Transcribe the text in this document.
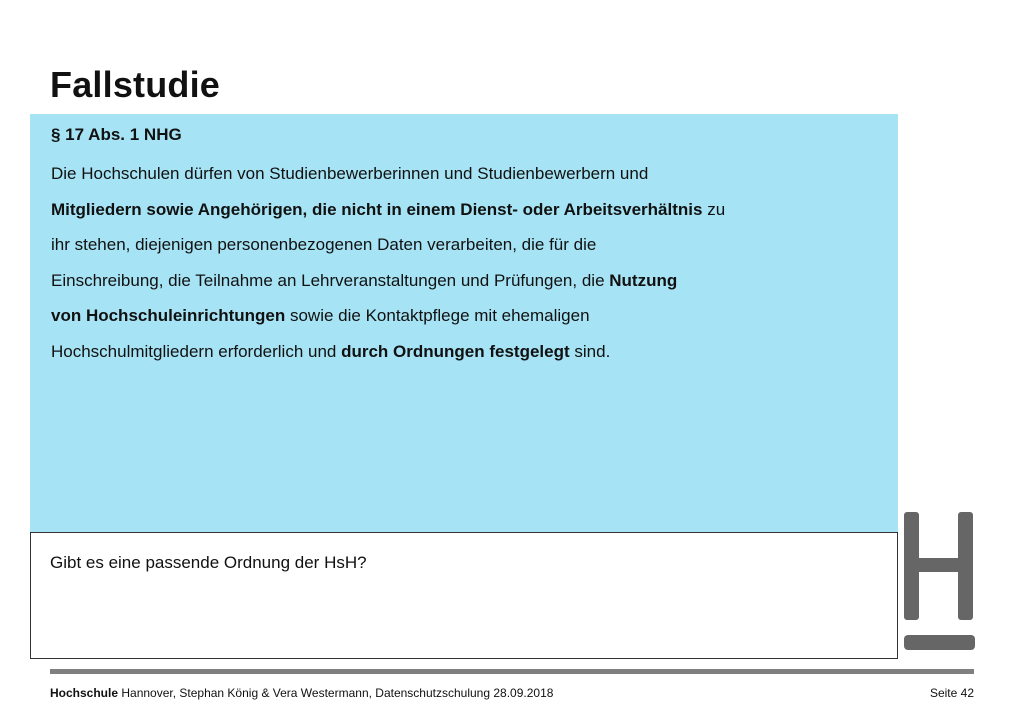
Fallstudie
§ 17 Abs. 1 NHG
Die Hochschulen dürfen von Studienbewerberinnen und Studienbewerbern und
Mitgliedern sowie Angehörigen, die nicht in einem Dienst- oder Arbeitsverhältnis zu
ihr stehen, diejenigen personenbezogenen Daten verarbeiten, die für die
Einschreibung, die Teilnahme an Lehrveranstaltungen und Prüfungen, die Nutzung
von Hochschuleinrichtungen sowie die Kontaktpflege mit ehemaligen
Hochschulmitgliedern erforderlich und durch Ordnungen festgelegt sind.
Gibt es eine passende Ordnung der HsH?
Hochschule Hannover, Stephan König & Vera Westermann, Datenschutzschulung 28.09.2018	Seite 42
